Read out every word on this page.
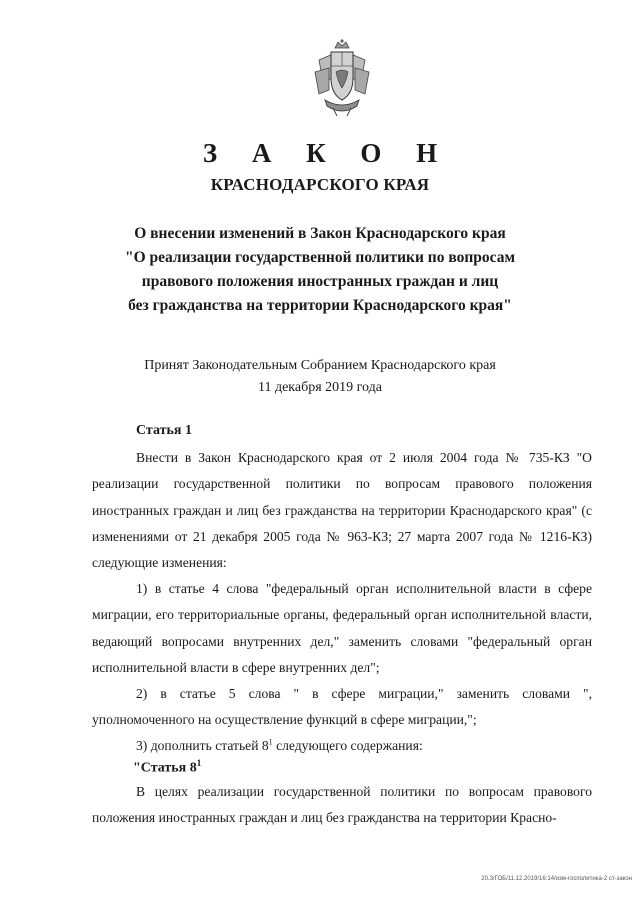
З А К О Н
КРАСНОДАРСКОГО КРАЯ
О внесении изменений в Закон Краснодарского края
"О реализации государственной политики по вопросам
правового положения иностранных граждан и лиц
без гражданства на территории Краснодарского края"
Принят Законодательным Собранием Краснодарского края
11 декабря 2019 года
Статья 1
Внести в Закон Краснодарского края от 2 июля 2004 года № 735-КЗ "О реализации государственной политики по вопросам правового положения иностранных граждан и лиц без гражданства на территории Краснодарского края" (с изменениями от 21 декабря 2005 года № 963-КЗ; 27 марта 2007 года № 1216-КЗ) следующие изменения:
1) в статье 4 слова "федеральный орган исполнительной власти в сфере миграции, его территориальные органы, федеральный орган исполнительной власти, ведающий вопросами внутренних дел," заменить словами "федеральный орган исполнительной власти в сфере внутренних дел";
2) в статье 5 слова " в сфере миграции," заменить словами ", уполномоченного на осуществление функций в сфере миграции,";
3) дополнить статьей $8^1$ следующего содержания:
"Статья $8^1$
В целях реализации государственной политики по вопросам правового положения иностранных граждан и лиц без гражданства на территории Красно-
20.3/ГОБ/11.12.2019/16:14/изм-госполитика-2 ст-закон
